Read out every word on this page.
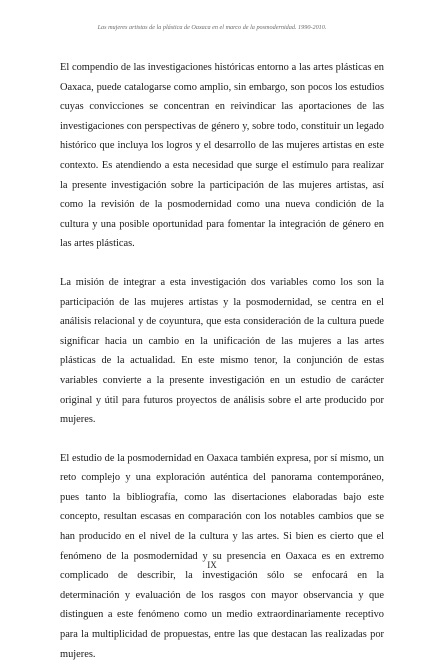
Las mujeres artistas de la plástica de Oaxaca en el marco de la posmodernidad. 1990-2010.

El compendio de las investigaciones históricas entorno a las artes plásticas en Oaxaca, puede catalogarse como amplio, sin embargo, son pocos los estudios cuyas convicciones se concentran en reivindicar las aportaciones de las investigaciones con perspectivas de género y, sobre todo, constituir un legado histórico que incluya los logros y el desarrollo de las mujeres artistas en este contexto. Es atendiendo a esta necesidad que surge el estímulo para realizar la presente investigación sobre la participación de las mujeres artistas, así como la revisión de la posmodernidad como una nueva condición de la cultura y una posible oportunidad para fomentar la integración de género en las artes plásticas.

La misión de integrar a esta investigación dos variables como los son la participación de las mujeres artistas y la posmodernidad, se centra en el análisis relacional y de coyuntura, que esta consideración de la cultura puede significar hacia un cambio en la unificación de las mujeres a las artes plásticas de la actualidad. En este mismo tenor, la conjunción de estas variables convierte a la presente investigación en un estudio de carácter original y útil para futuros proyectos de análisis sobre el arte producido por mujeres.

El estudio de la posmodernidad en Oaxaca también expresa, por sí mismo, un reto complejo y una exploración auténtica del panorama contemporáneo, pues tanto la bibliografía, como las disertaciones elaboradas bajo este concepto, resultan escasas en comparación con los notables cambios que se han producido en el nivel de la cultura y las artes. Si bien es cierto que el fenómeno de la posmodernidad y su presencia en Oaxaca es en extremo complicado de describir, la investigación sólo se enfocará en la determinación y evaluación de los rasgos con mayor observancia y que distinguen a este fenómeno como un medio extraordinariamente receptivo para la multiplicidad de propuestas, entre las que destacan las realizadas por mujeres.

IX
